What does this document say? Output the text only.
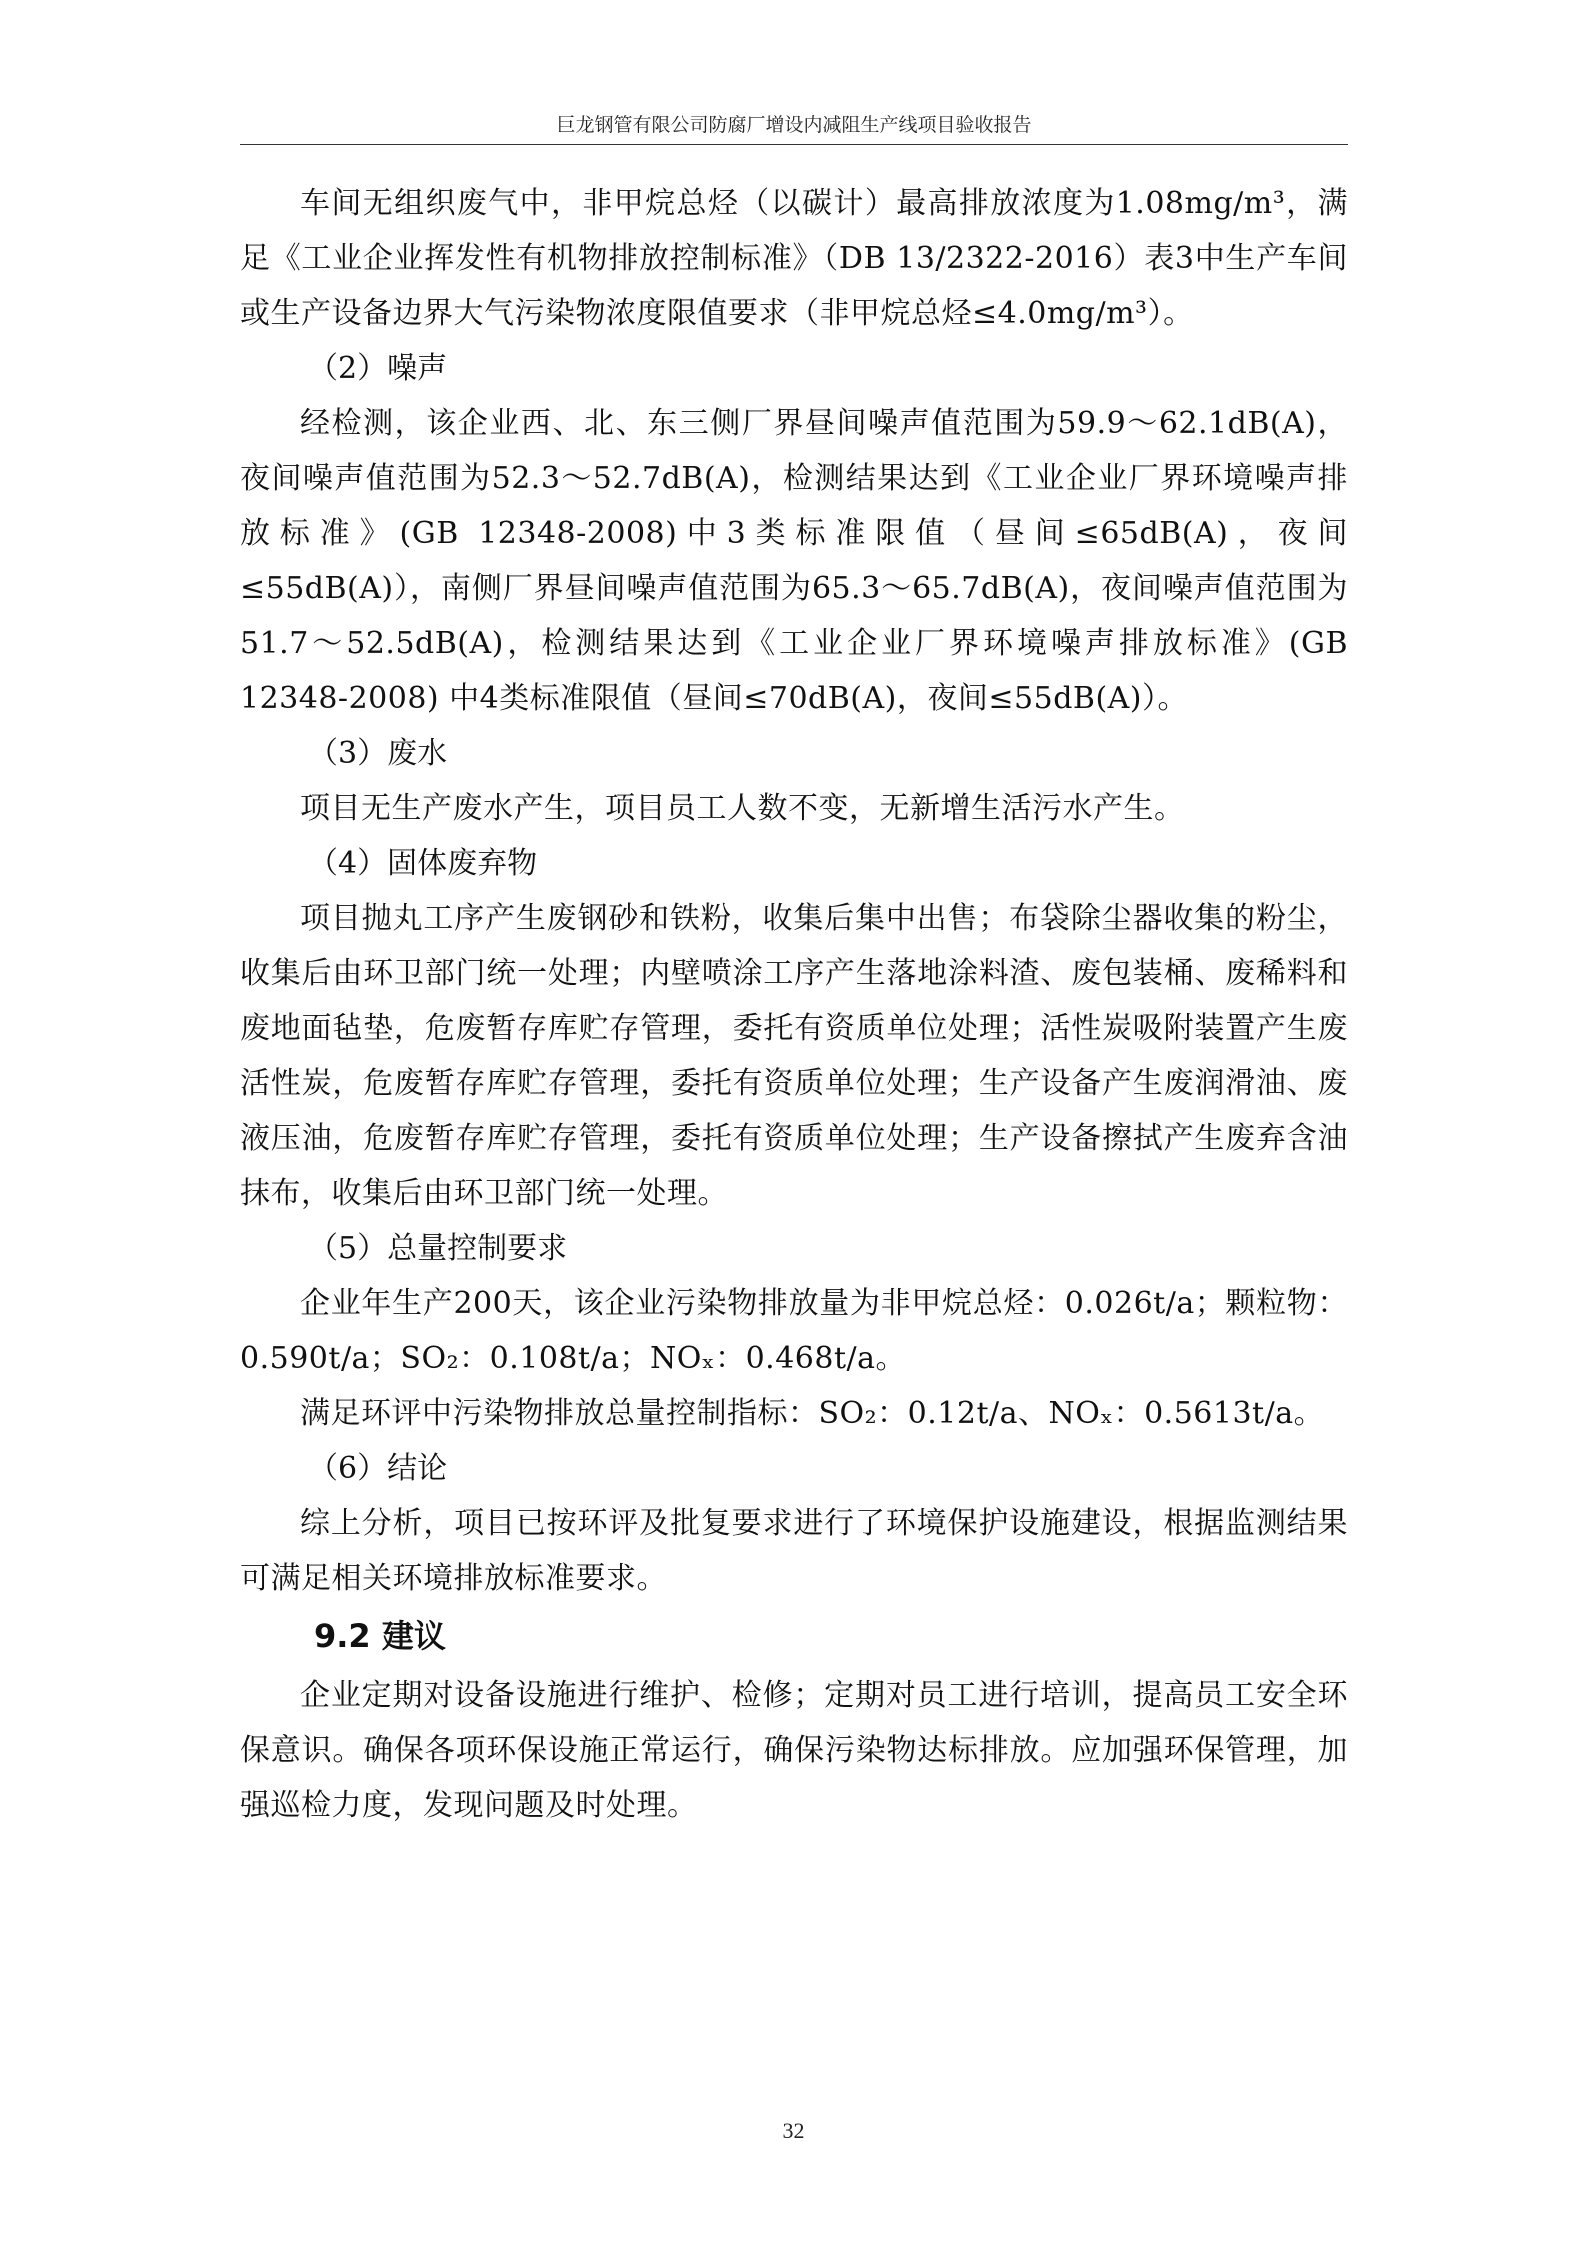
巨龙钢管有限公司防腐厂增设内减阻生产线项目验收报告

车间无组织废气中，非甲烷总烃（以碳计）最高排放浓度为1.08mg/m³，满足《工业企业挥发性有机物排放控制标准》（DB 13/2322-2016）表3中生产车间或生产设备边界大气污染物浓度限值要求（非甲烷总烃≤4.0mg/m³）。

（2）噪声

经检测，该企业西、北、东三侧厂界昼间噪声值范围为59.9～62.1dB(A)，夜间噪声值范围为52.3～52.7dB(A)，检测结果达到《工业企业厂界环境噪声排放标准》(GB 12348-2008)中3类标准限值（昼间≤65dB(A)，夜间≤55dB(A)），南侧厂界昼间噪声值范围为65.3～65.7dB(A)，夜间噪声值范围为51.7～52.5dB(A)，检测结果达到《工业企业厂界环境噪声排放标准》(GB 12348-2008) 中4类标准限值（昼间≤70dB(A)，夜间≤55dB(A)）。

（3）废水

项目无生产废水产生，项目员工人数不变，无新增生活污水产生。

（4）固体废弃物

项目抛丸工序产生废钢砂和铁粉，收集后集中出售；布袋除尘器收集的粉尘，收集后由环卫部门统一处理；内壁喷涂工序产生落地涂料渣、废包装桶、废稀料和废地面毡垫，危废暂存库贮存管理，委托有资质单位处理；活性炭吸附装置产生废活性炭，危废暂存库贮存管理，委托有资质单位处理；生产设备产生废润滑油、废液压油，危废暂存库贮存管理，委托有资质单位处理；生产设备擦拭产生废弃含油抹布，收集后由环卫部门统一处理。

（5）总量控制要求

企业年生产200天，该企业污染物排放量为非甲烷总烃：0.026t/a；颗粒物：0.590t/a；SO₂：0.108t/a；NOₓ：0.468t/a。

满足环评中污染物排放总量控制指标：SO₂：0.12t/a、NOₓ：0.5613t/a。

（6）结论

综上分析，项目已按环评及批复要求进行了环境保护设施建设，根据监测结果可满足相关环境排放标准要求。

9.2 建议

企业定期对设备设施进行维护、检修；定期对员工进行培训，提高员工安全环保意识。确保各项环保设施正常运行，确保污染物达标排放。应加强环保管理，加强巡检力度，发现问题及时处理。

32
